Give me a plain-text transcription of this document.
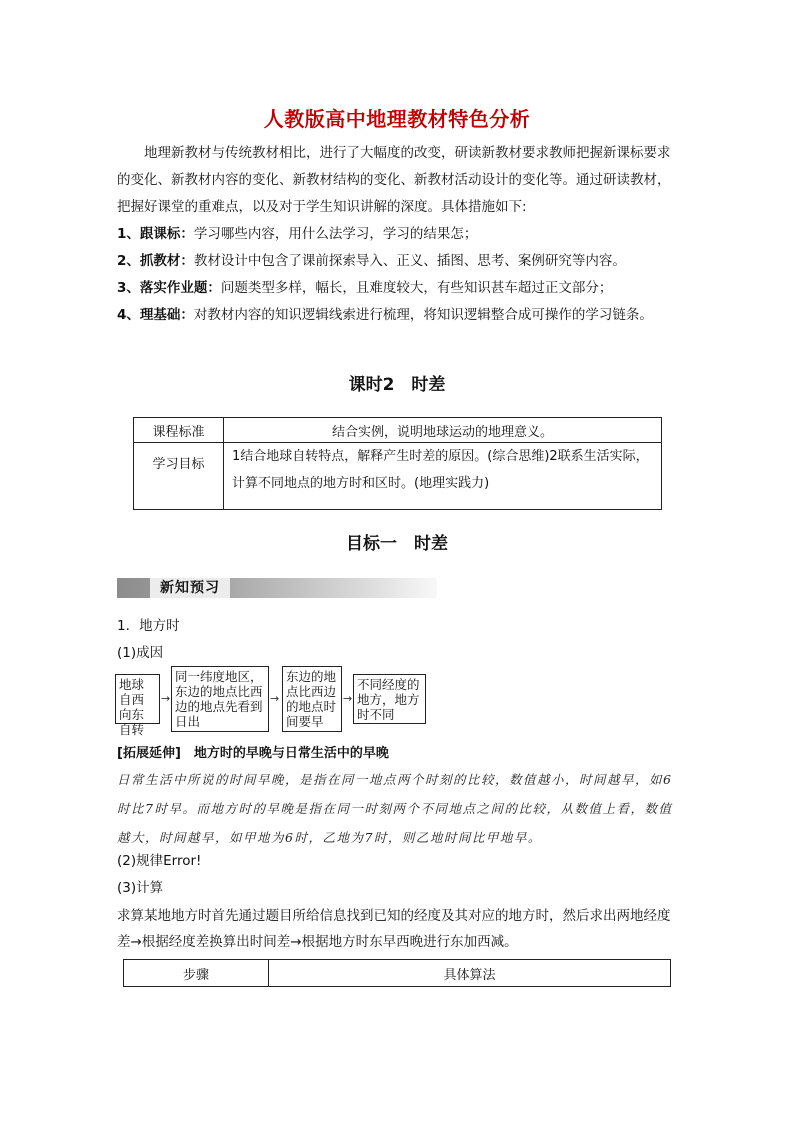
人教版高中地理教材特色分析

地理新教材与传统教材相比，进行了大幅度的改变，研读新教材要求教师把握新课标要求的变化、新教材内容的变化、新教材结构的变化、新教材活动设计的变化等。通过研读教材，把握好课堂的重难点，以及对于学生知识讲解的深度。具体措施如下:

1、跟课标：学习哪些内容，用什么法学习，学习的结果怎；

2、抓教材：教材设计中包含了课前探索导入、正义、插图、思考、案例研究等内容。

3、落实作业题：问题类型多样，幅长，且难度较大，有些知识甚车超过正文部分；

4、理基础：对教材内容的知识逻辑线索进行梳理，将知识逻辑整合成可操作的学习链条。

课时2　时差
课程标准	结合实例，说明地球运动的地理意义。
学习目标	1结合地球自转特点，解释产生时差的原因。(综合思维)2联系生活实际，计算不同地点的地方时和区时。(地理实践力)
目标一　时差
新知预习
1．地方时
(1)成因
地球自西向东自转
→
同一纬度地区，东边的地点比西边的地点先看到日出
→
东边的地点比西边的地点时间要早
→
不同经度的地方，地方时不同
[拓展延伸]　地方时的早晚与日常生活中的早晚
日常生活中所说的时间早晚，是指在同一地点两个时刻的比较，数值越小，时间越早，如6时比7时早。而地方时的早晚是指在同一时刻两个不同地点之间的比较，从数值上看，数值越大，时间越早，如甲地为6时，乙地为7时，则乙地时间比甲地早。
(2)规律Error!
(3)计算
求算某地地方时首先通过题目所给信息找到已知的经度及其对应的地方时，然后求出两地经度差→根据经度差换算出时间差→根据地方时东早西晚进行东加西减。
步骤	具体算法
